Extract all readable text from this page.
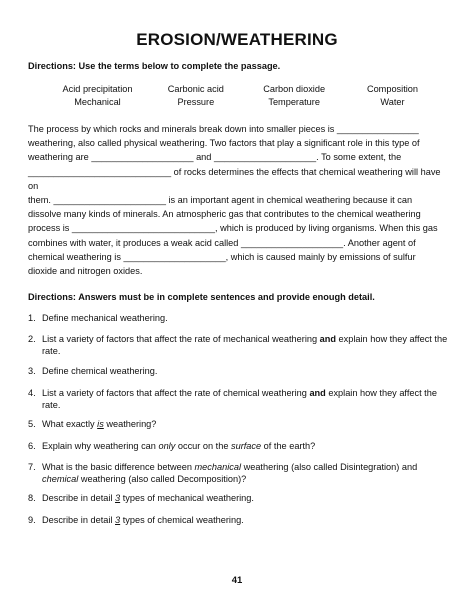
EROSION/WEATHERING
Directions: Use the terms below to complete the passage.
Acid precipitation	Carbonic acid	Carbon dioxide	Composition
Mechanical	Pressure	Temperature	Water
The process by which rocks and minerals break down into smaller pieces is ________________
weathering, also called physical weathering. Two factors that play a significant role in this type of
weathering are ____________________ and ____________________. To some extent, the
____________________________ of rocks determines the effects that chemical weathering will have on
them. ______________________ is an important agent in chemical weathering because it can
dissolve many kinds of minerals. An atmospheric gas that contributes to the chemical weathering
process is ____________________________, which is produced by living organisms. When this gas
combines with water, it produces a weak acid called ____________________. Another agent of
chemical weathering is ____________________, which is caused mainly by emissions of sulfur
dioxide and nitrogen oxides.
Directions: Answers must be in complete sentences and provide enough detail.
1. Define mechanical weathering.
2. List a variety of factors that affect the rate of mechanical weathering and explain how they affect the rate.
3. Define chemical weathering.
4. List a variety of factors that affect the rate of chemical weathering and explain how they affect the rate.
5. What exactly is weathering?
6. Explain why weathering can only occur on the surface of the earth?
7. What is the basic difference between mechanical weathering (also called Disintegration) and chemical weathering (also called Decomposition)?
8. Describe in detail 3 types of mechanical weathering.
9. Describe in detail 3 types of chemical weathering.
41
